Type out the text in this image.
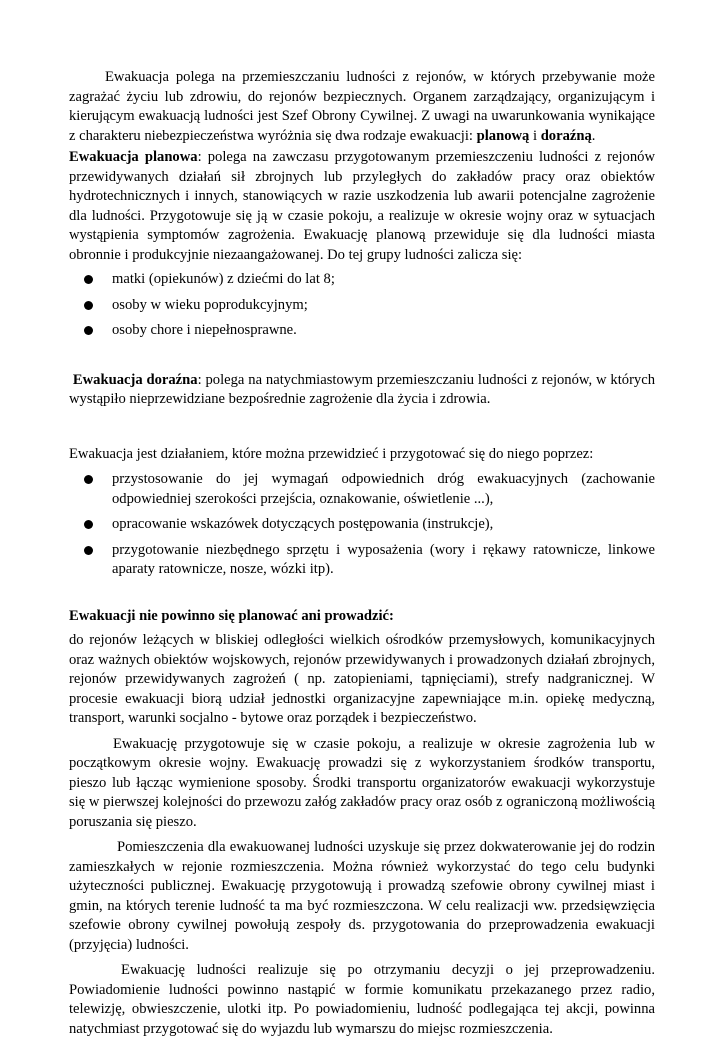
Ewakuacja polega na przemieszczaniu ludności z rejonów, w których przebywanie może zagrażać życiu lub zdrowiu, do rejonów bezpiecznych. Organem zarządzający, organizującym i kierującym ewakuacją ludności jest Szef Obrony Cywilnej. Z uwagi na uwarunkowania wynikające z charakteru niebezpieczeństwa wyróżnia się dwa rodzaje ewakuacji: planową i doraźną.

Ewakuacja planowa: polega na zawczasu przygotowanym przemieszczeniu ludności z rejonów przewidywanych działań sił zbrojnych lub przyległych do zakładów pracy oraz obiektów hydrotechnicznych i innych, stanowiących w razie uszkodzenia lub awarii potencjalne zagrożenie dla ludności. Przygotowuje się ją w czasie pokoju, a realizuje w okresie wojny oraz w sytuacjach wystąpienia symptomów zagrożenia. Ewakuację planową przewiduje się dla ludności miasta obronnie i produkcyjnie niezaangażowanej. Do tej grupy ludności zalicza się:

matki (opiekunów) z dziećmi do lat 8;
osoby w wieku poprodukcyjnym;
osoby chore i niepełnosprawne.

Ewakuacja doraźna: polega na natychmiastowym przemieszczaniu ludności z rejonów, w których wystąpiło nieprzewidziane bezpośrednie zagrożenie dla życia i zdrowia.

Ewakuacja jest działaniem, które można przewidzieć i przygotować się do niego poprzez:

przystosowanie do jej wymagań odpowiednich dróg ewakuacyjnych (zachowanie odpowiedniej szerokości przejścia, oznakowanie, oświetlenie ...),
opracowanie wskazówek dotyczących postępowania (instrukcje),
przygotowanie niezbędnego sprzętu i wyposażenia (wory i rękawy ratownicze, linkowe aparaty ratownicze, nosze, wózki itp).

Ewakuacji nie powinno się planować ani prowadzić:

do rejonów leżących w bliskiej odległości wielkich ośrodków przemysłowych, komunikacyjnych oraz ważnych obiektów wojskowych, rejonów przewidywanych i prowadzonych działań zbrojnych, rejonów przewidywanych zagrożeń ( np. zatopieniami, tąpnięciami), strefy nadgranicznej. W procesie ewakuacji biorą udział jednostki organizacyjne zapewniające m.in. opiekę medyczną, transport, warunki socjalno - bytowe oraz porządek i bezpieczeństwo.

Ewakuację przygotowuje się w czasie pokoju, a realizuje w okresie zagrożenia lub w początkowym okresie wojny. Ewakuację prowadzi się z wykorzystaniem środków transportu, pieszo lub łącząc wymienione sposoby. Środki transportu organizatorów ewakuacji wykorzystuje się w pierwszej kolejności do przewozu załóg zakładów pracy oraz osób z ograniczoną możliwością poruszania się pieszo.

Pomieszczenia dla ewakuowanej ludności uzyskuje się przez dokwaterowanie jej do rodzin zamieszkałych w rejonie rozmieszczenia. Można również wykorzystać do tego celu budynki użyteczności publicznej. Ewakuację przygotowują i prowadzą szefowie obrony cywilnej miast i gmin, na których terenie ludność ta ma być rozmieszczona. W celu realizacji ww. przedsięwzięcia szefowie obrony cywilnej powołują zespoły ds. przygotowania do przeprowadzenia ewakuacji (przyjęcia) ludności.

Ewakuację ludności realizuje się po otrzymaniu decyzji o jej przeprowadzeniu. Powiadomienie ludności powinno nastąpić w formie komunikatu przekazanego przez radio, telewizję, obwieszczenie, ulotki itp. Po powiadomieniu, ludność podlegająca tej akcji, powinna natychmiast przygotować się do wyjazdu lub wymarszu do miejsc rozmieszczenia.
